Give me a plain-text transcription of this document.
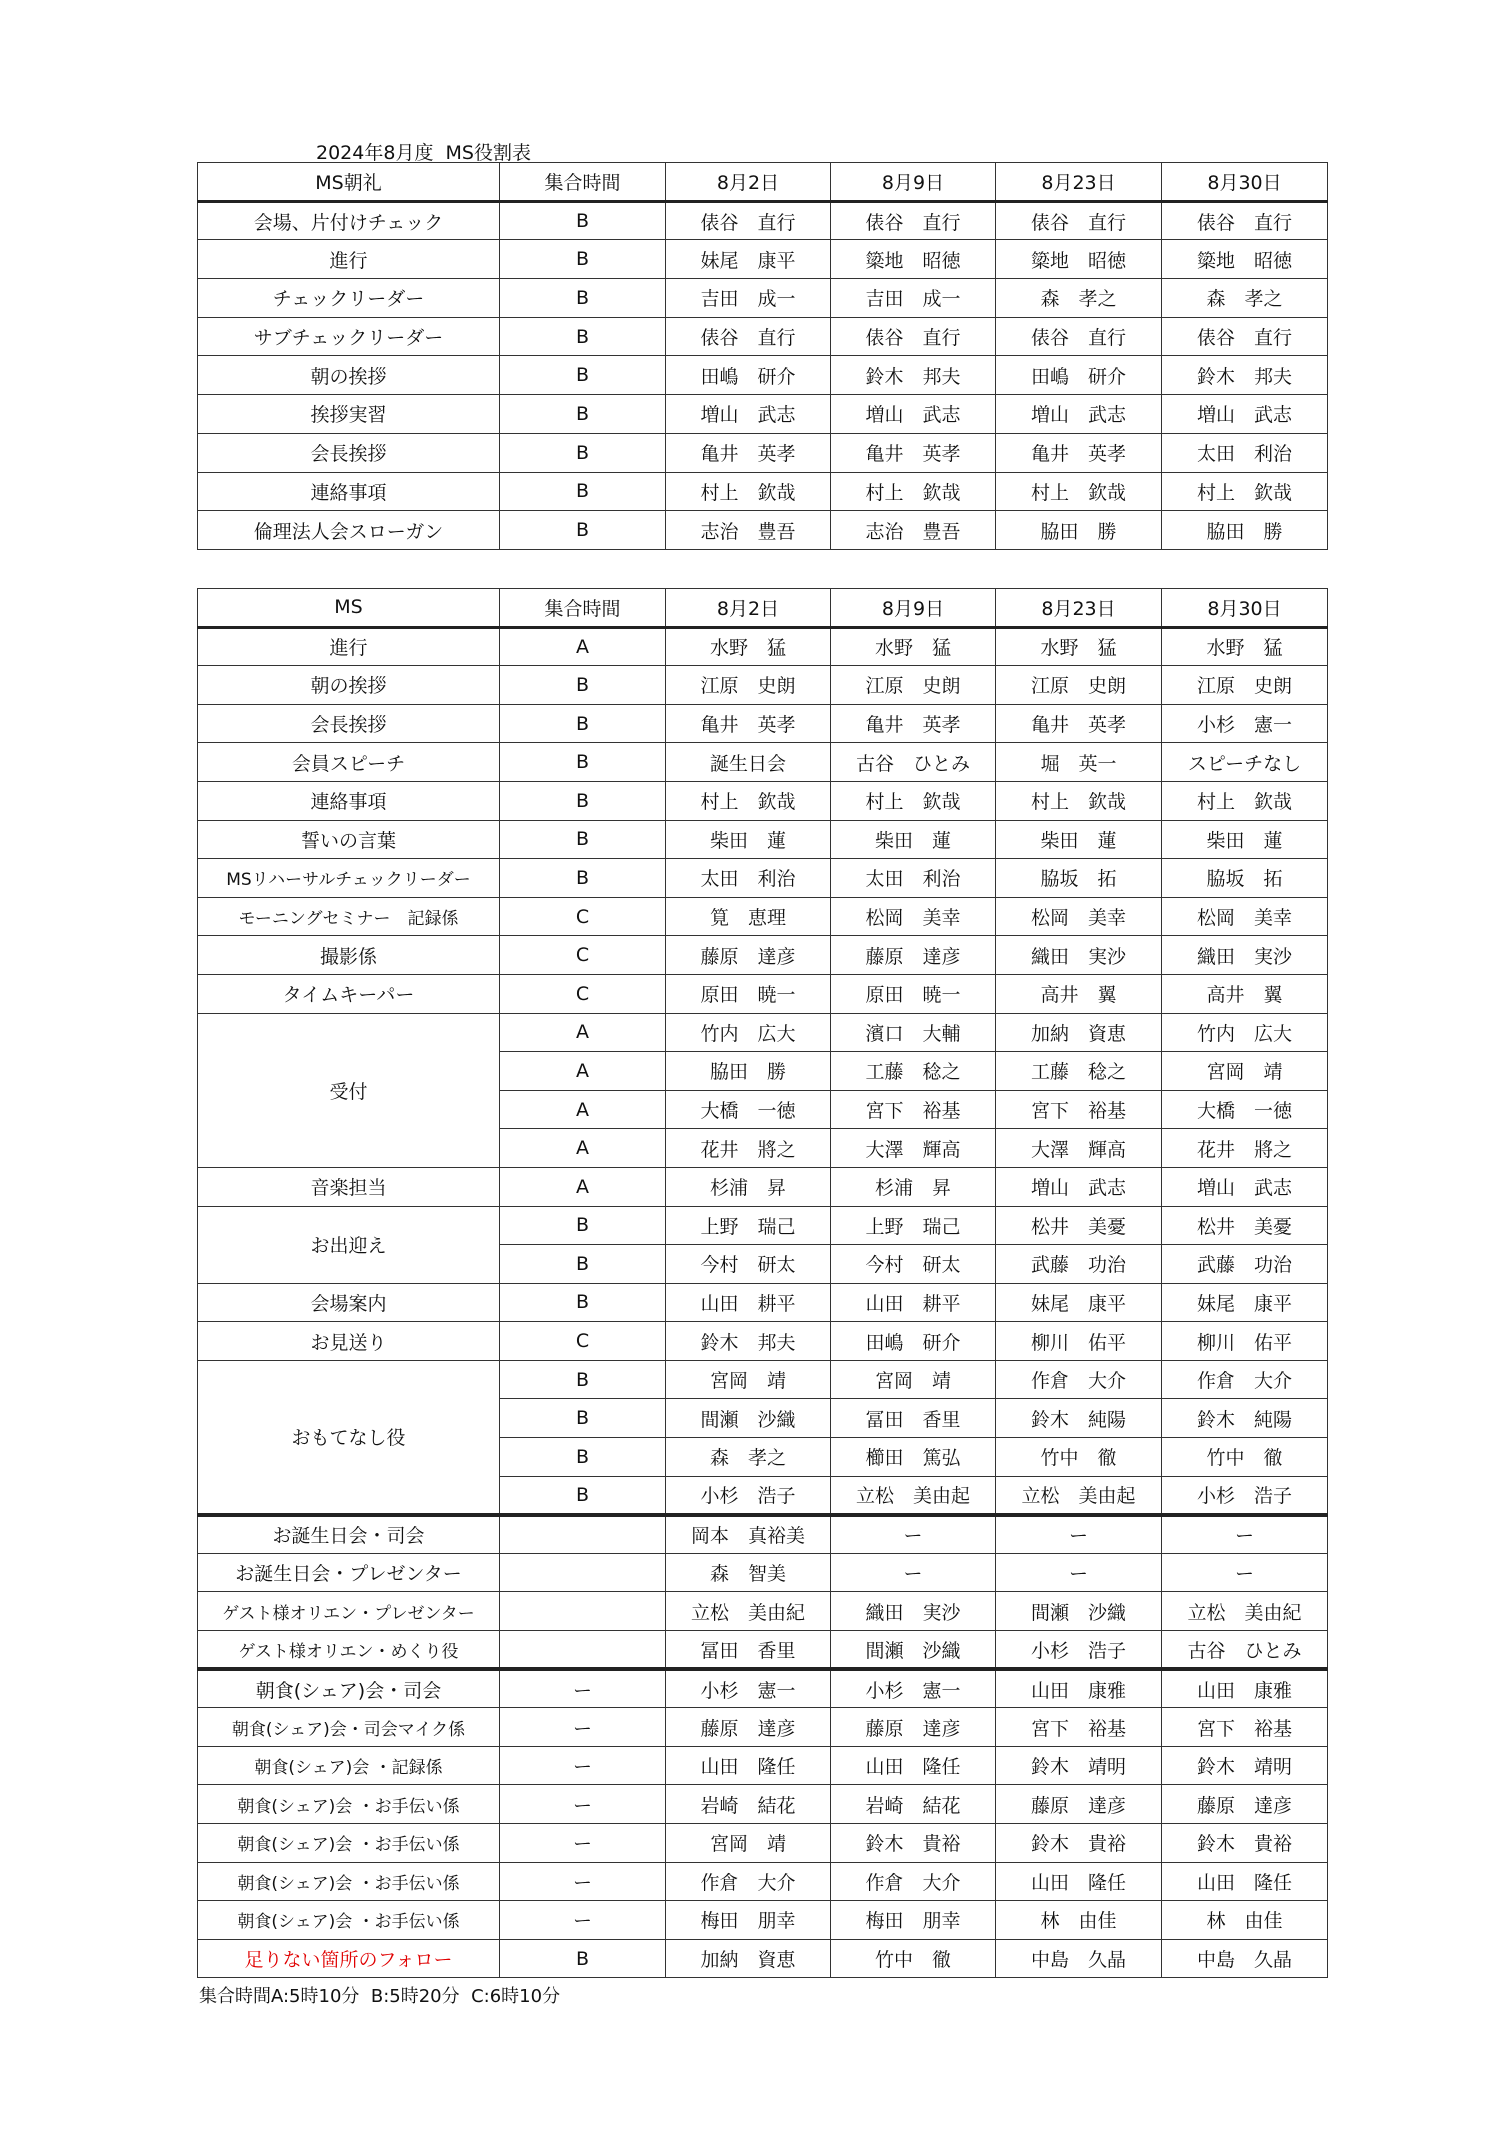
2024年8月度  MS役割表
MS朝礼	集合時間	8月2日	8月9日	8月23日	8月30日
会場、片付けチェック	B	俵谷　直行	俵谷　直行	俵谷　直行	俵谷　直行
進行	B	妹尾　康平	簗地　昭徳	簗地　昭徳	簗地　昭徳
チェックリーダー	B	吉田　成一	吉田　成一	森　孝之	森　孝之
サブチェックリーダー	B	俵谷　直行	俵谷　直行	俵谷　直行	俵谷　直行
朝の挨拶	B	田嶋　研介	鈴木　邦夫	田嶋　研介	鈴木　邦夫
挨拶実習	B	増山　武志	増山　武志	増山　武志	増山　武志
会長挨拶	B	亀井　英孝	亀井　英孝	亀井　英孝	太田　利治
連絡事項	B	村上　欽哉	村上　欽哉	村上　欽哉	村上　欽哉
倫理法人会スローガン	B	志治　豊吾	志治　豊吾	脇田　勝	脇田　勝
MS	集合時間	8月2日	8月9日	8月23日	8月30日
進行	A	水野　猛	水野　猛	水野　猛	水野　猛
朝の挨拶	B	江原　史朗	江原　史朗	江原　史朗	江原　史朗
会長挨拶	B	亀井　英孝	亀井　英孝	亀井　英孝	小杉　憲一
会員スピーチ	B	誕生日会	古谷　ひとみ	堀　英一	スピーチなし
連絡事項	B	村上　欽哉	村上　欽哉	村上　欽哉	村上　欽哉
誓いの言葉	B	柴田　蓮	柴田　蓮	柴田　蓮	柴田　蓮
MSリハーサルチェックリーダー	B	太田　利治	太田　利治	脇坂　拓	脇坂　拓
モーニングセミナー　記録係	C	筧　恵理	松岡　美幸	松岡　美幸	松岡　美幸
撮影係	C	藤原　達彦	藤原　達彦	織田　実沙	織田　実沙
タイムキーパー	C	原田　暁一	原田　暁一	高井　翼	高井　翼
受付	A	竹内　広大	濱口　大輔	加納　資恵	竹内　広大
	A	脇田　勝	工藤　稔之	工藤　稔之	宮岡　靖
	A	大橋　一徳	宮下　裕基	宮下　裕基	大橋　一徳
	A	花井　將之	大澤　輝高	大澤　輝高	花井　將之
音楽担当	A	杉浦　昇	杉浦　昇	増山　武志	増山　武志
お出迎え	B	上野　瑞己	上野　瑞己	松井　美憂	松井　美憂
	B	今村　研太	今村　研太	武藤　功治	武藤　功治
会場案内	B	山田　耕平	山田　耕平	妹尾　康平	妹尾　康平
お見送り	C	鈴木　邦夫	田嶋　研介	柳川　佑平	柳川　佑平
おもてなし役	B	宮岡　靖	宮岡　靖	作倉　大介	作倉　大介
	B	間瀬　沙織	冨田　香里	鈴木　純陽	鈴木　純陽
	B	森　孝之	櫛田　篤弘	竹中　徹	竹中　徹
	B	小杉　浩子	立松　美由起	立松　美由起	小杉　浩子
お誕生日会・司会		岡本　真裕美	ー	ー	ー
お誕生日会・プレゼンター		森　智美	ー	ー	ー
ゲスト様オリエン・プレゼンター		立松　美由紀	織田　実沙	間瀬　沙織	立松　美由紀
ゲスト様オリエン・めくり役		冨田　香里	間瀬　沙織	小杉　浩子	古谷　ひとみ
朝食(シェア)会・司会	ー	小杉　憲一	小杉　憲一	山田　康雅	山田　康雅
朝食(シェア)会・司会マイク係	ー	藤原　達彦	藤原　達彦	宮下　裕基	宮下　裕基
朝食(シェア)会 ・記録係	ー	山田　隆任	山田　隆任	鈴木　靖明	鈴木　靖明
朝食(シェア)会 ・お手伝い係	ー	岩崎　結花	岩崎　結花	藤原　達彦	藤原　達彦
朝食(シェア)会 ・お手伝い係	ー	宮岡　靖	鈴木　貴裕	鈴木　貴裕	鈴木　貴裕
朝食(シェア)会 ・お手伝い係	ー	作倉　大介	作倉　大介	山田　隆任	山田　隆任
朝食(シェア)会 ・お手伝い係	ー	梅田　朋幸	梅田　朋幸	林　由佳	林　由佳
足りない箇所のフォロー	B	加納　資恵	竹中　徹	中島　久晶	中島　久晶
集合時間A:5時10分  B:5時20分  C:6時10分
